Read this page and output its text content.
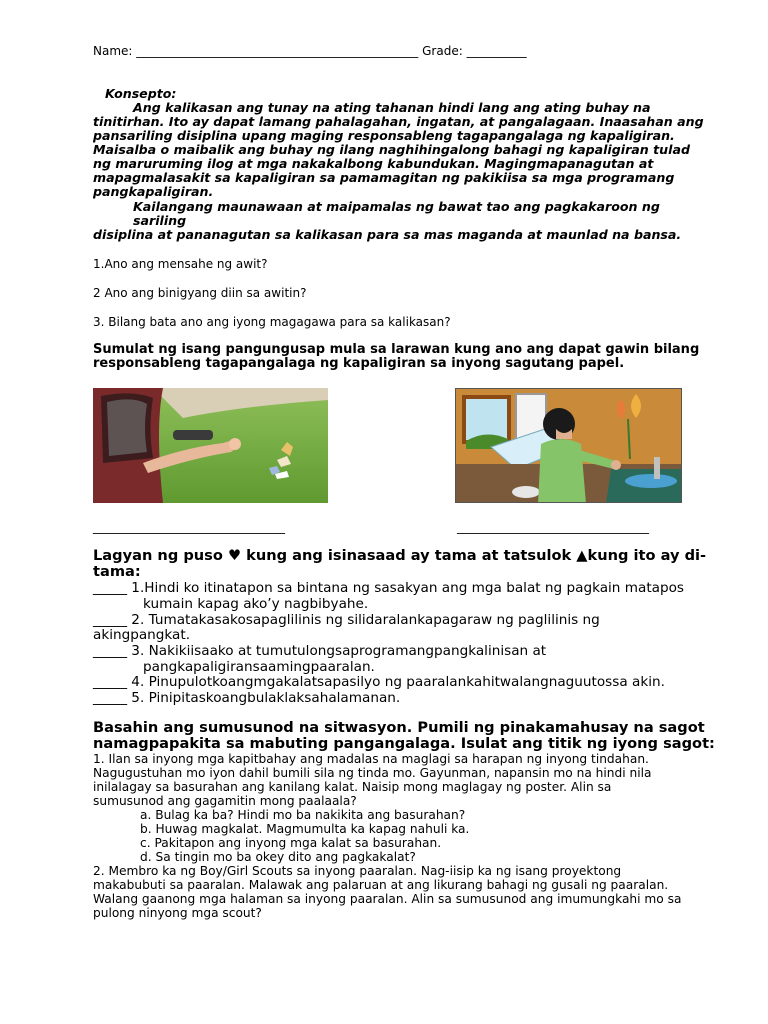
Name: _______________________________________________ Grade: __________
Konsepto:
Ang kalikasan ang tunay na ating tahanan hindi lang ang ating buhay na
tinitirhan. Ito ay dapat lamang pahalagahan, ingatan, at pangalagaan. Inaasahan ang
pansariling disiplina upang maging responsableng tagapangalaga ng kapaligiran.
Maisalba o maibalik ang buhay ng ilang naghihingalong bahagi ng kapaligiran tulad
ng maruruming ilog at mga nakakalbong kabundukan. Magingmapanagutan at
mapagmalasakit sa kapaligiran sa pamamagitan ng pakikiisa sa mga programang
pangkapaligiran.
Kailangang maunawaan at maipamalas ng bawat tao ang pagkakaroon ng
sariling
disiplina at pananagutan sa kalikasan para sa mas maganda at maunlad na bansa.
1.Ano ang mensahe ng awit?
2 Ano ang binigyang diin sa awitin?
3. Bilang bata ano ang iyong magagawa para sa kalikasan?
Sumulat ng isang pangungusap mula sa larawan kung ano ang dapat gawin bilang
responsableng tagapangalaga ng kapaligiran sa inyong sagutang papel.
________________________________	________________________________
Lagyan ng puso ♥ kung ang isinasaad ay tama at tatsulok ▲kung ito ay di-
tama:
_____ 1.Hindi ko itinatapon sa bintana ng sasakyan ang mga balat ng pagkain matapos
kumain kapag ako’y nagbibyahe.
_____ 2. Tumatakasakosapaglilinis ng silidaralankapagaraw ng paglilinis ng
akingpangkat.
_____ 3. Nakikiisaako at tumutulongsaprogramangpangkalinisan at
pangkapaligiransaamingpaaralan.
_____ 4. Pinupulotkoangmgakalatsapasilyo ng paaralankahitwalangnaguutossa akin.
_____ 5. Pinipitaskoangbulaklaksahalamanan.
Basahin ang sumusunod na sitwasyon. Pumili ng pinakamahusay na sagot
namagpapakita sa mabuting pangangalaga. Isulat ang titik ng iyong sagot:
1. Ilan sa inyong mga kapitbahay ang madalas na maglagi sa harapan ng inyong tindahan.
Nagugustuhan mo iyon dahil bumili sila ng tinda mo. Gayunman, napansin mo na hindi nila
inilalagay sa basurahan ang kanilang kalat. Naisip mong maglagay ng poster. Alin sa
sumusunod ang gagamitin mong paalaala?
a. Bulag ka ba? Hindi mo ba nakikita ang basurahan?
b. Huwag magkalat. Magmumulta ka kapag nahuli ka.
c. Pakitapon ang inyong mga kalat sa basurahan.
d. Sa tingin mo ba okey dito ang pagkakalat?
2. Membro ka ng Boy/Girl Scouts sa inyong paaralan. Nag-iisip ka ng isang proyektong
makabubuti sa paaralan. Malawak ang palaruan at ang likurang bahagi ng gusali ng paaralan.
Walang gaanong mga halaman sa inyong paaralan. Alin sa sumusunod ang imumungkahi mo sa
pulong ninyong mga scout?
